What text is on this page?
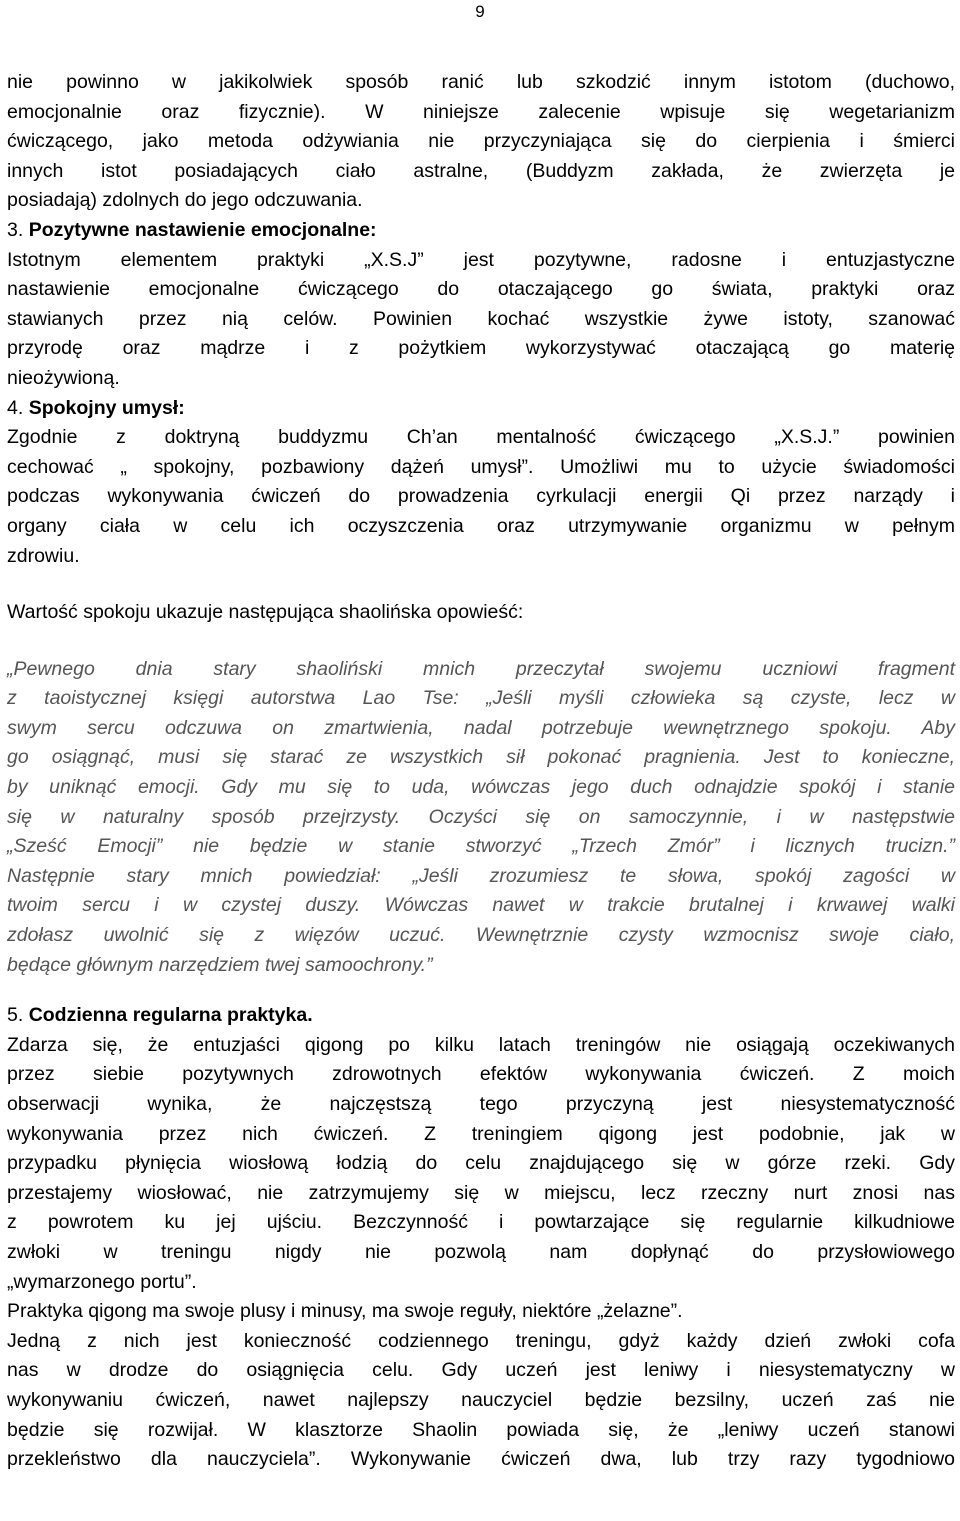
9
nie powinno w jakikolwiek sposób ranić lub szkodzić innym istotom (duchowo,
emocjonalnie oraz fizycznie). W niniejsze zalecenie wpisuje się wegetarianizm
ćwiczącego, jako metoda odżywiania nie przyczyniająca się do cierpienia i śmierci
innych istot posiadających ciało astralne, (Buddyzm zakłada, że zwierzęta je
posiadają) zdolnych do jego odczuwania.
3. Pozytywne nastawienie emocjonalne:
Istotnym elementem praktyki „X.S.J” jest pozytywne, radosne i entuzjastyczne
nastawienie emocjonalne ćwiczącego do otaczającego go świata, praktyki oraz
stawianych przez nią celów. Powinien kochać wszystkie żywe istoty, szanować
przyrodę oraz mądrze i z pożytkiem wykorzystywać otaczającą go materię
nieożywioną.
4. Spokojny umysł:
Zgodnie z doktryną buddyzmu Ch’an mentalność ćwiczącego „X.S.J.” powinien
cechować „ spokojny, pozbawiony dążeń umysł”. Umożliwi mu to użycie świadomości
podczas wykonywania ćwiczeń do prowadzenia cyrkulacji energii Qi przez narządy i
organy ciała w celu ich oczyszczenia oraz utrzymywanie organizmu w pełnym
zdrowiu.
Wartość spokoju ukazuje następująca shaolińska opowieść:
„Pewnego dnia stary shaoliński mnich przeczytał swojemu uczniowi fragment
z taoistycznej księgi autorstwa Lao Tse: „Jeśli myśli człowieka są czyste, lecz w
swym sercu odczuwa on zmartwienia, nadal potrzebuje wewnętrznego spokoju. Aby
go osiągnąć, musi się starać ze wszystkich sił pokonać pragnienia. Jest to konieczne,
by uniknąć emocji. Gdy mu się to uda, wówczas jego duch odnajdzie spokój i stanie
się w naturalny sposób przejrzysty. Oczyści się on samoczynnie, i w następstwie
„Sześć Emocji” nie będzie w stanie stworzyć „Trzech Zmór” i licznych trucizn.”
Następnie stary mnich powiedział: „Jeśli zrozumiesz te słowa, spokój zagości w
twoim sercu i w czystej duszy. Wówczas nawet w trakcie brutalnej i krwawej walki
zdołasz uwolnić się z więzów uczuć. Wewnętrznie czysty wzmocnisz swoje ciało,
będące głównym narzędziem twej samoochrony.”
5. Codzienna regularna praktyka.
Zdarza się, że entuzjaści qigong po kilku latach treningów nie osiągają oczekiwanych
przez siebie pozytywnych zdrowotnych efektów wykonywania ćwiczeń. Z moich
obserwacji wynika, że najczęstszą tego przyczyną jest niesystematyczność
wykonywania przez nich ćwiczeń. Z treningiem qigong jest podobnie, jak w
przypadku płynięcia wiosłową łodzią do celu znajdującego się w górze rzeki. Gdy
przestajemy wiosłować, nie zatrzymujemy się w miejscu, lecz rzeczny nurt znosi nas
z powrotem ku jej ujściu. Bezczynność i powtarzające się regularnie kilkudniowe
zwłoki w treningu nigdy nie pozwolą nam dopłynąć do przysłowiowego
„wymarzonego portu”.
Praktyka qigong ma swoje plusy i minusy, ma swoje reguły, niektóre „żelazne”.
Jedną z nich jest konieczność codziennego treningu, gdyż każdy dzień zwłoki cofa
nas w drodze do osiągnięcia celu. Gdy uczeń jest leniwy i niesystematyczny w
wykonywaniu ćwiczeń, nawet najlepszy nauczyciel będzie bezsilny, uczeń zaś nie
będzie się rozwijał. W klasztorze Shaolin powiada się, że „leniwy uczeń stanowi
przekleństwo dla nauczyciela”. Wykonywanie ćwiczeń dwa, lub trzy razy tygodniowo
